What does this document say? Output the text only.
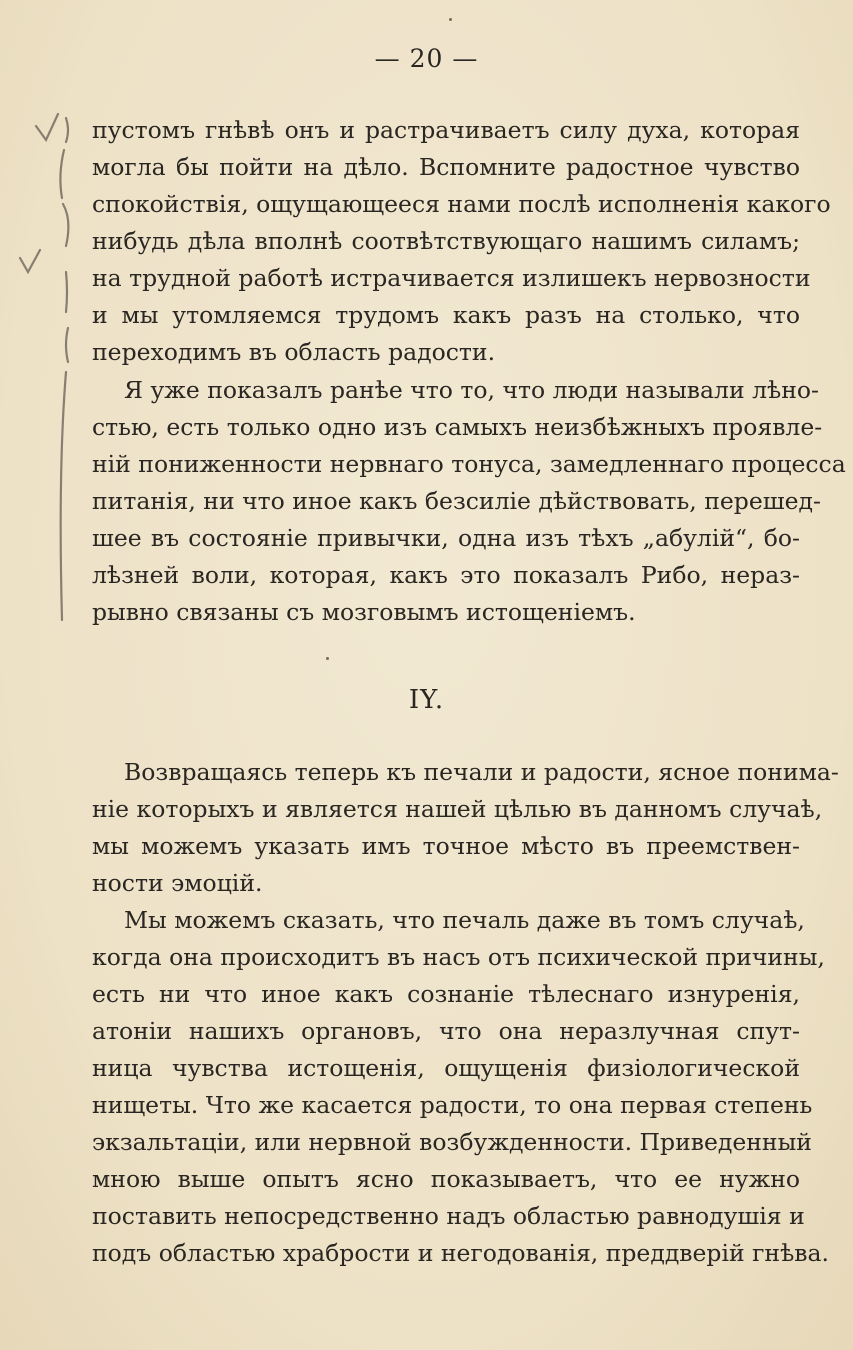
— 20 —
пустомъ гнѣвѣ онъ и растрачиваетъ силу духа, которая
могла бы пойти на дѣло. Вспомните радостное чувство
спокойствія, ощущающееся нами послѣ исполненія какого
нибудь дѣла вполнѣ соотвѣтствующаго нашимъ силамъ;
на трудной работѣ истрачивается излишекъ нервозности
и мы утомляемся трудомъ какъ разъ на столько, что
переходимъ въ область радости.
Я уже показалъ ранѣе что то, что люди называли лѣно-
стью, есть только одно изъ самыхъ неизбѣжныхъ проявле-
ній пониженности нервнаго тонуса, замедленнаго процесса
питанія, ни что иное какъ безсиліе дѣйствовать, перешед-
шее въ состояніе привычки, одна изъ тѣхъ „абулій“, бо-
лѣзней воли, которая, какъ это показалъ Рибо, нераз-
рывно связаны съ мозговымъ истощеніемъ.
Возвращаясь теперь къ печали и радости, ясное понима-
ніе которыхъ и является нашей цѣлью въ данномъ случаѣ,
мы можемъ указать имъ точное мѣсто въ преемствен-
ности эмоцій.
Мы можемъ сказать, что печаль даже въ томъ случаѣ,
когда она происходитъ въ насъ отъ психической причины,
есть ни что иное какъ сознаніе тѣлеснаго изнуренія,
атоніи нашихъ органовъ, что она неразлучная спут-
ница чувства истощенія, ощущенія физіологической
нищеты. Что же касается радости, то она первая степень
экзальтаціи, или нервной возбужденности. Приведенный
мною выше опытъ ясно показываетъ, что ее нужно
поставить непосредственно надъ областью равнодушія и
подъ областью храбрости и негодованія, преддверій гнѣва.
IY.
